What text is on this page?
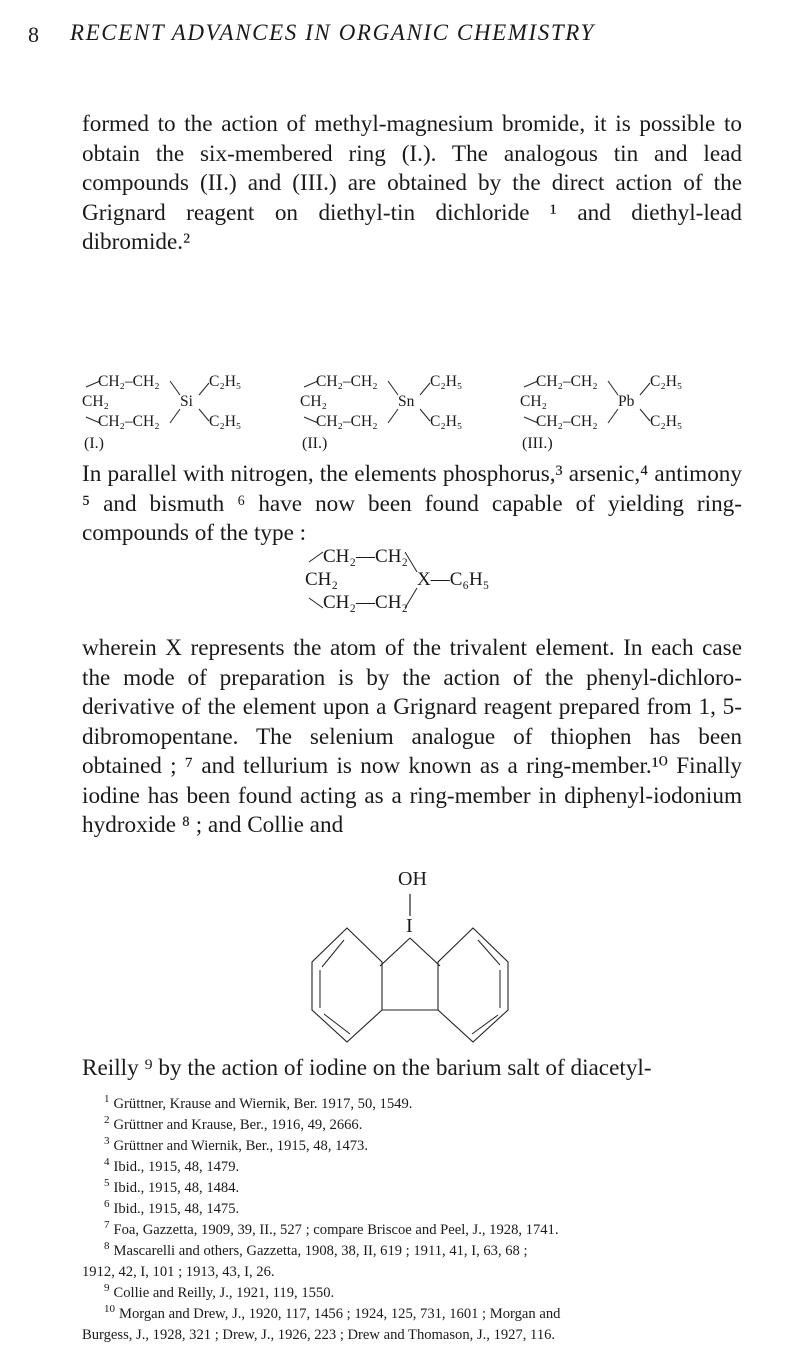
8 RECENT ADVANCES IN ORGANIC CHEMISTRY
formed to the action of methyl-magnesium bromide, it is possible to obtain the six-membered ring (I.). The analogous tin and lead compounds (II.) and (III.) are obtained by the direct action of the Grignard reagent on diethyl-tin dichloride ¹ and diethyl-lead dibromide.²
CH₂–CH₂
CH₂
CH₂–CH₂
Si
C₂H₅
C₂H₅
(I.)
CH₂–CH₂
CH₂
CH₂–CH₂
Sn
C₂H₅
C₂H₅
(II.)
CH₂–CH₂
CH₂
CH₂–CH₂
Pb
C₂H₅
C₂H₅
(III.)
In parallel with nitrogen, the elements phosphorus,³ arsenic,⁴ antimony ⁵ and bismuth ⁶ have now been found capable of yielding ring-compounds of the type :
CH₂—CH₂
CH₂
CH₂—CH₂
X—C₆H₅
wherein X represents the atom of the trivalent element. In each case the mode of preparation is by the action of the phenyl-dichloro-derivative of the element upon a Grignard reagent prepared from 1, 5-dibromopentane. The selenium analogue of thiophen has been obtained ; ⁷ and tellurium is now known as a ring-member.¹⁰ Finally iodine has been found acting as a ring-member in diphenyl-iodonium hydroxide ⁸ ; and Collie and
OH
I
Reilly ⁹ by the action of iodine on the barium salt of diacetyl-
$^1$ Grüttner, Krause and Wiernik, Ber. 1917, 50, 1549.
$^2$ Grüttner and Krause, Ber., 1916, 49, 2666.
$^3$ Grüttner and Wiernik, Ber., 1915, 48, 1473.
$^4$ Ibid., 1915, 48, 1479.
$^5$ Ibid., 1915, 48, 1484.
$^6$ Ibid., 1915, 48, 1475.
$^7$ Foa, Gazzetta, 1909, 39, II., 527 ; compare Briscoe and Peel, J., 1928, 1741.
$^8$ Mascarelli and others, Gazzetta, 1908, 38, II, 619 ; 1911, 41, I, 63, 68 ;
1912, 42, I, 101 ; 1913, 43, I, 26.
$^9$ Collie and Reilly, J., 1921, 119, 1550.
$^{10}$ Morgan and Drew, J., 1920, 117, 1456 ; 1924, 125, 731, 1601 ; Morgan and
Burgess, J., 1928, 321 ; Drew, J., 1926, 223 ; Drew and Thomason, J., 1927, 116.
